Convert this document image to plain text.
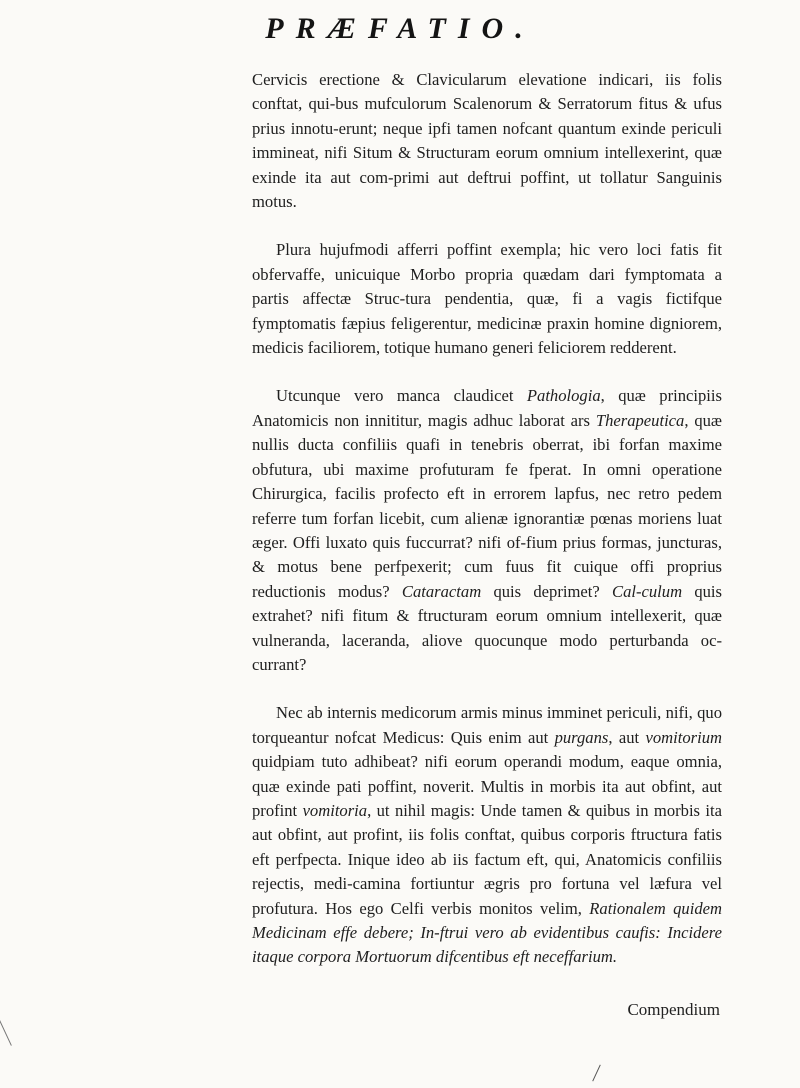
PRÆFATIO.

Cervicis erectione & Clavicularum elevatione indicari, iis folis conftat, qui-bus mufculorum Scalenorum & Serratorum fitus & ufus prius innotu-erunt; neque ipfi tamen nofcant quantum exinde periculi immineat, nifi Situm & Structuram eorum omnium intellexerint, quæ exinde ita aut com-primi aut deftrui poffint, ut tollatur Sanguinis motus.

Plura hujufmodi afferri poffint exempla; hic vero loci fatis fit obfervaffe, unicuique Morbo propria quædam dari fymptomata a partis affectæ Struc-tura pendentia, quæ, fi a vagis fictifque fymptomatis fæpius feligerentur, medicinæ praxin homine digniorem, medicis faciliorem, totique humano generi feliciorem redderent.

Utcunque vero manca claudicet Pathologia, quæ principiis Anatomicis non innititur, magis adhuc laborat ars Therapeutica, quæ nullis ducta confiliis quafi in tenebris oberrat, ibi forfan maxime obfutura, ubi maxime profuturam fe fperat. In omni operatione Chirurgica, facilis profecto eft in errorem lapfus, nec retro pedem referre tum forfan licebit, cum alienæ ignorantiæ pœnas moriens luat æger. Offi luxato quis fuccurrat? nifi of-fium prius formas, juncturas, & motus bene perfpexerit; cum fuus fit cuique offi proprius reductionis modus? Cataractam quis deprimet? Cal-culum quis extrahet? nifi fitum & ftructuram eorum omnium intellexerit, quæ vulneranda, laceranda, aliove quocunque modo perturbanda oc-currant?

Nec ab internis medicorum armis minus imminet periculi, nifi, quo torqueantur nofcat Medicus: Quis enim aut purgans, aut vomitorium quidpiam tuto adhibeat? nifi eorum operandi modum, eaque omnia, quæ exinde pati poffint, noverit. Multis in morbis ita aut obfint, aut profint vomitoria, ut nihil magis: Unde tamen & quibus in morbis ita aut obfint, aut profint, iis folis conftat, quibus corporis ftructura fatis eft perfpecta. Inique ideo ab iis factum eft, qui, Anatomicis confiliis rejectis, medi-camina fortiuntur ægris pro fortuna vel læfura vel profutura. Hos ego Celfi verbis monitos velim, Rationalem quidem Medicinam effe debere; In-ftrui vero ab evidentibus caufis: Incidere itaque corpora Mortuorum difcentibus eft neceffarium.

Compendium
